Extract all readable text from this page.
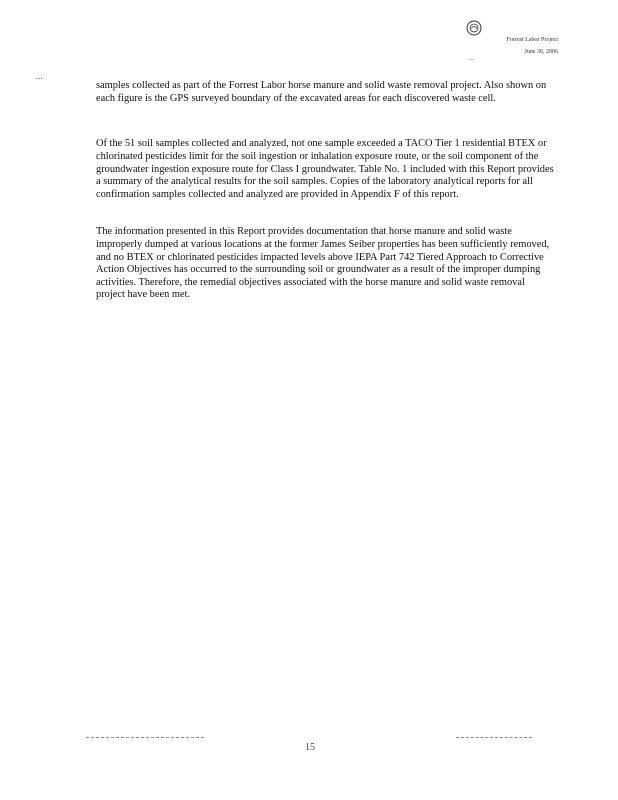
Forrest Labor Project
June 30, 2006
—
...

samples collected as part of the Forrest Labor horse manure and solid waste removal project. Also shown on each figure is the GPS surveyed boundary of the excavated areas for each discovered waste cell.

Of the 51 soil samples collected and analyzed, not one sample exceeded a TACO Tier 1 residential BTEX or chlorinated pesticides limit for the soil ingestion or inhalation exposure route, or the soil component of the groundwater ingestion exposure route for Class I groundwater. Table No. 1 included with this Report provides a summary of the analytical results for the soil samples. Copies of the laboratory analytical reports for all confirmation samples collected and analyzed are provided in Appendix F of this report.

The information presented in this Report provides documentation that horse manure and solid waste improperly dumped at various locations at the former James Seiber properties has been sufficiently removed, and no BTEX or chlorinated pesticides impacted levels above IEPA Part 742 Tiered Approach to Corrective Action Objectives has occurred to the surrounding soil or groundwater as a result of the improper dumping activities. Therefore, the remedial objectives associated with the horse manure and solid waste removal project have been met.

15
